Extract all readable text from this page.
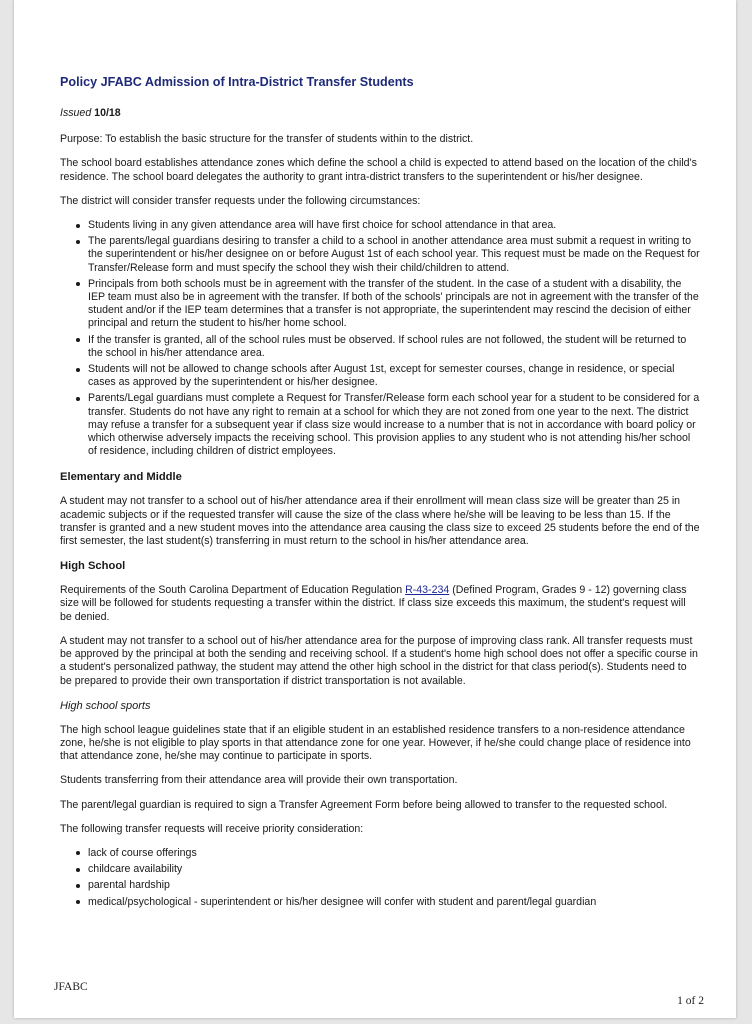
Policy JFABC Admission of Intra-District Transfer Students

Issued 10/18

Purpose: To establish the basic structure for the transfer of students within to the district.

The school board establishes attendance zones which define the school a child is expected to attend based on the location of the child's residence. The school board delegates the authority to grant intra-district transfers to the superintendent or his/her designee.

The district will consider transfer requests under the following circumstances:

Students living in any given attendance area will have first choice for school attendance in that area.
The parents/legal guardians desiring to transfer a child to a school in another attendance area must submit a request in writing to the superintendent or his/her designee on or before August 1st of each school year. This request must be made on the Request for Transfer/Release form and must specify the school they wish their child/children to attend.
Principals from both schools must be in agreement with the transfer of the student. In the case of a student with a disability, the IEP team must also be in agreement with the transfer. If both of the schools' principals are not in agreement with the transfer of the student and/or if the IEP team determines that a transfer is not appropriate, the superintendent may rescind the decision of either principal and return the student to his/her home school.
If the transfer is granted, all of the school rules must be observed. If school rules are not followed, the student will be returned to the school in his/her attendance area.
Students will not be allowed to change schools after August 1st, except for semester courses, change in residence, or special cases as approved by the superintendent or his/her designee.
Parents/Legal guardians must complete a Request for Transfer/Release form each school year for a student to be considered for a transfer. Students do not have any right to remain at a school for which they are not zoned from one year to the next. The district may refuse a transfer for a subsequent year if class size would increase to a number that is not in accordance with board policy or which otherwise adversely impacts the receiving school. This provision applies to any student who is not attending his/her school of residence, including children of district employees.
Elementary and Middle

A student may not transfer to a school out of his/her attendance area if their enrollment will mean class size will be greater than 25 in academic subjects or if the requested transfer will cause the size of the class where he/she will be leaving to be less than 15. If the transfer is granted and a new student moves into the attendance area causing the class size to exceed 25 students before the end of the first semester, the last student(s) transferring in must return to the school in his/her attendance area.

High School

Requirements of the South Carolina Department of Education Regulation R-43-234 (Defined Program, Grades 9 - 12) governing class size will be followed for students requesting a transfer within the district. If class size exceeds this maximum, the student's request will be denied.

A student may not transfer to a school out of his/her attendance area for the purpose of improving class rank. All transfer requests must be approved by the principal at both the sending and receiving school. If a student's home high school does not offer a specific course in a student's personalized pathway, the student may attend the other high school in the district for that class period(s). Students need to be prepared to provide their own transportation if district transportation is not available.

High school sports

The high school league guidelines state that if an eligible student in an established residence transfers to a non-residence attendance zone, he/she is not eligible to play sports in that attendance zone for one year. However, if he/she could change place of residence into that attendance zone, he/she may continue to participate in sports.

Students transferring from their attendance area will provide their own transportation.

The parent/legal guardian is required to sign a Transfer Agreement Form before being allowed to transfer to the requested school.

The following transfer requests will receive priority consideration:

lack of course offerings
childcare availability
parental hardship
medical/psychological - superintendent or his/her designee will confer with student and parent/legal guardian
JFABC
1 of 2
